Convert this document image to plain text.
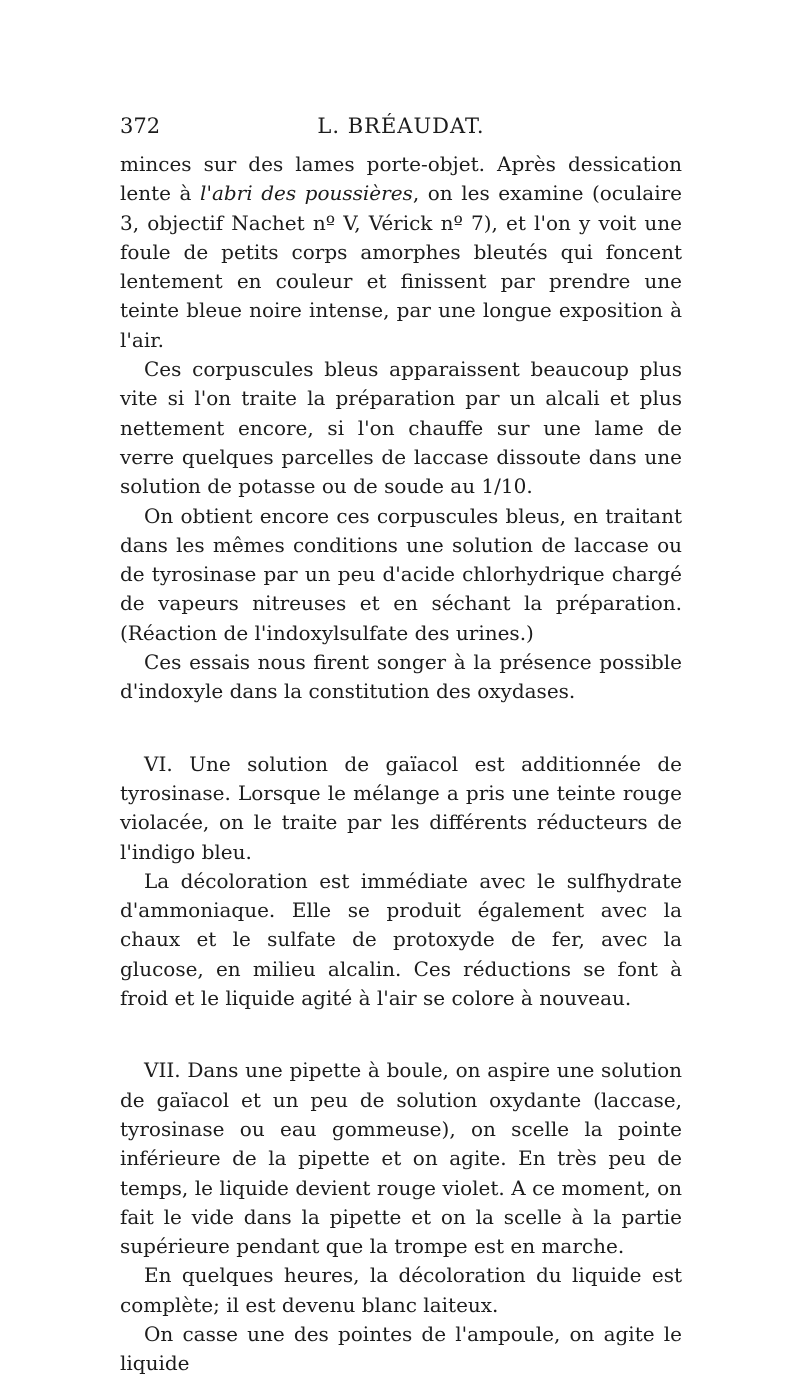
372	L. BRÉAUDAT.

minces sur des lames porte-objet. Après dessication lente à l'abri des poussières, on les examine (oculaire 3, objectif Nachet nº V, Vérick nº 7), et l'on y voit une foule de petits corps amorphes bleutés qui foncent lentement en couleur et finissent par prendre une teinte bleue noire intense, par une longue exposition à l'air.

Ces corpuscules bleus apparaissent beaucoup plus vite si l'on traite la préparation par un alcali et plus nettement encore, si l'on chauffe sur une lame de verre quelques parcelles de laccase dissoute dans une solution de potasse ou de soude au 1/10.

On obtient encore ces corpuscules bleus, en traitant dans les mêmes conditions une solution de laccase ou de tyrosinase par un peu d'acide chlorhydrique chargé de vapeurs nitreuses et en séchant la préparation. (Réaction de l'indoxylsulfate des urines.)

Ces essais nous firent songer à la présence possible d'indoxyle dans la constitution des oxydases.

VI. Une solution de gaïacol est additionnée de tyrosinase. Lorsque le mélange a pris une teinte rouge violacée, on le traite par les différents réducteurs de l'indigo bleu.

La décoloration est immédiate avec le sulfhydrate d'ammoniaque. Elle se produit également avec la chaux et le sulfate de protoxyde de fer, avec la glucose, en milieu alcalin. Ces réductions se font à froid et le liquide agité à l'air se colore à nouveau.

VII. Dans une pipette à boule, on aspire une solution de gaïacol et un peu de solution oxydante (laccase, tyrosinase ou eau gommeuse), on scelle la pointe inférieure de la pipette et on agite. En très peu de temps, le liquide devient rouge violet. A ce moment, on fait le vide dans la pipette et on la scelle à la partie supérieure pendant que la trompe est en marche.

En quelques heures, la décoloration du liquide est complète; il est devenu blanc laiteux.

On casse une des pointes de l'ampoule, on agite le liquide
